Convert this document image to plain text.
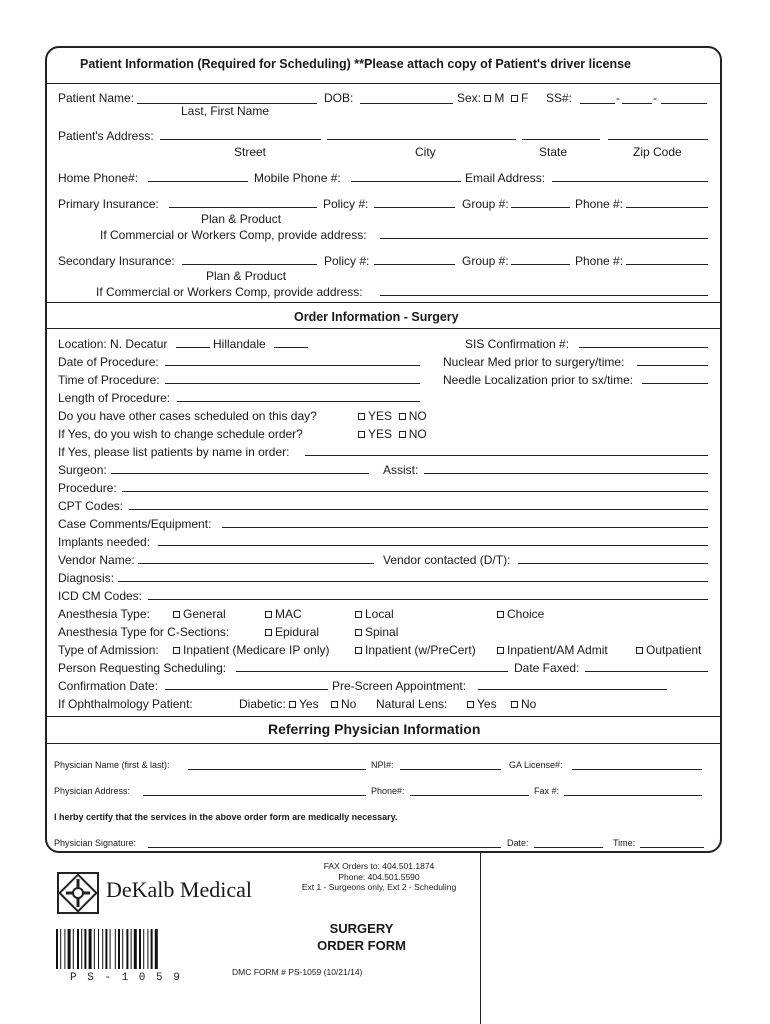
Patient Information (Required for Scheduling) **Please attach copy of Patient's driver license
Patient Name:
Last, First Name
DOB:	Sex: M F SS#:	-	-
Patient's Address:
Street	City	State	Zip Code
Home Phone#:	Mobile Phone #:	Email Address:
Primary Insurance:	Policy #:	Group #:	Phone #:
Plan & Product
If Commercial or Workers Comp, provide address:
Secondary Insurance:	Policy #:	Group #:	Phone #:
Plan & Product
If Commercial or Workers Comp, provide address:
Order Information - Surgery
Location: N. Decatur	Hillandale	SIS Confirmation #:
Date of Procedure:	Nuclear Med prior to surgery/time:
Time of Procedure:	Needle Localization prior to sx/time:
Length of Procedure:
Do you have other cases scheduled on this day?	YES NO
If Yes, do you wish to change schedule order?	YES NO
If Yes, please list patients by name in order:
Surgeon:	Assist:
Procedure:
CPT Codes:
Case Comments/Equipment:
Implants needed:
Vendor Name:	Vendor contacted (D/T):
Diagnosis:
ICD CM Codes:
Anesthesia Type:	General	MAC	Local	Choice
Anesthesia Type for C-Sections:	Epidural	Spinal
Type of Admission:	Inpatient (Medicare IP only)	Inpatient (w/PreCert)	Inpatient/AM Admit	Outpatient
Person Requesting Scheduling:	Date Faxed:
Confirmation Date:	Pre-Screen Appointment:
If Ophthalmology Patient:	Diabetic: Yes	No Natural Lens:	Yes	No
Referring Physician Information
Physician Name (first & last):	NPI#:	GA License#:
Physician Address:	Phone#:	Fax #:
I herby certify that the services in the above order form are medically necessary.
Physician Signature:	Date:	Time:
DeKalb Medical
FAX Orders to: 404.501.1874
Phone: 404.501.5590
Ext 1 - Surgeons only, Ext 2 - Scheduling
SURGERY
ORDER FORM
P S - 1 0 5 9	DMC FORM # PS-1059 (10/21/14)
